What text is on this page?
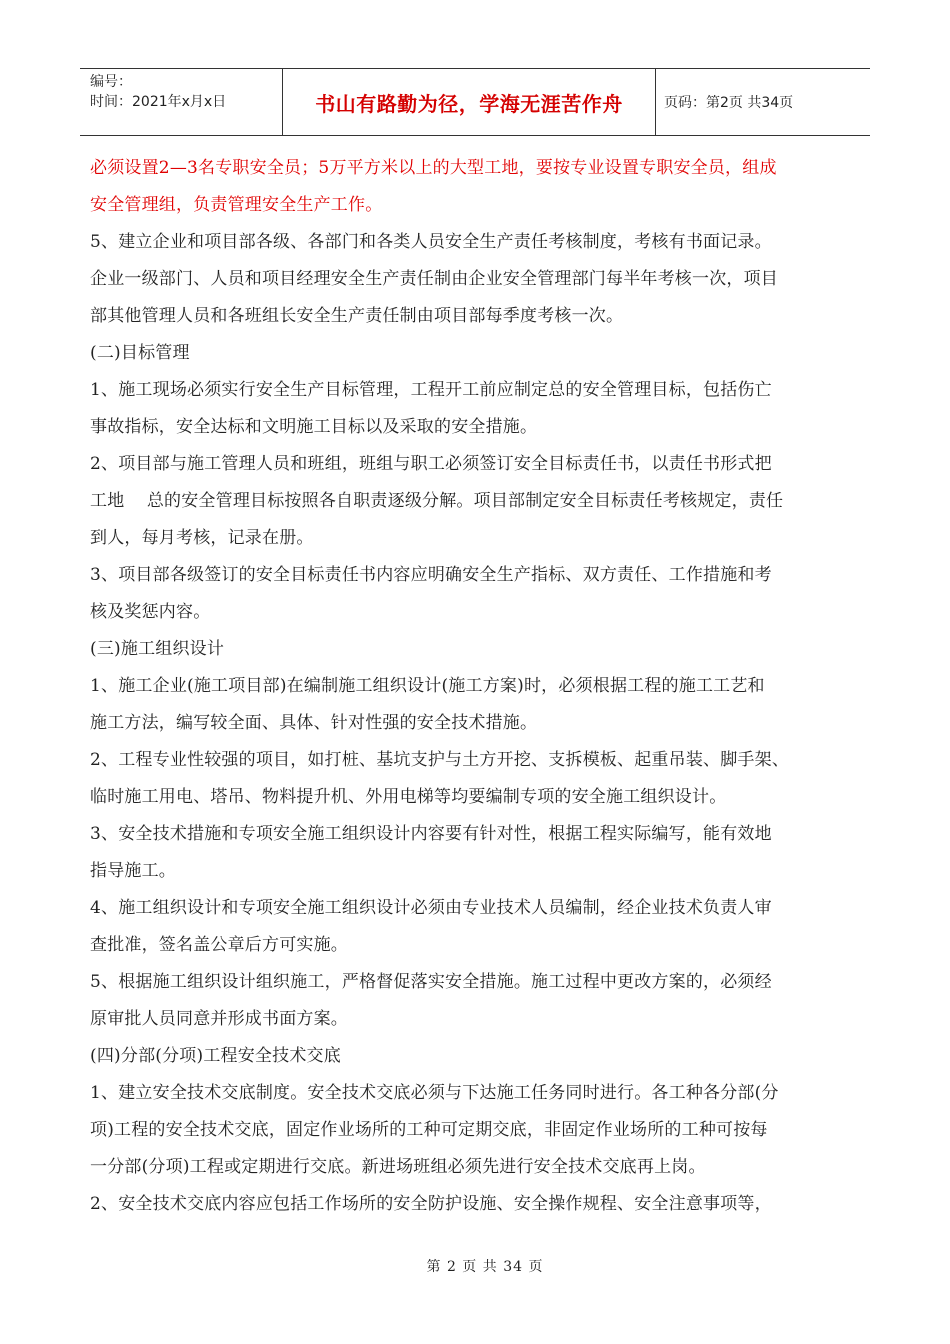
编号：
时间：2021年x月x日	书山有路勤为径，学海无涯苦作舟	页码：第2页 共34页
必须设置2—3名专职安全员；5万平方米以上的大型工地，要按专业设置专职安全员，组成
安全管理组，负责管理安全生产工作。
5、建立企业和项目部各级、各部门和各类人员安全生产责任考核制度，考核有书面记录。
企业一级部门、人员和项目经理安全生产责任制由企业安全管理部门每半年考核一次，项目
部其他管理人员和各班组长安全生产责任制由项目部每季度考核一次。
(二)目标管理
1、施工现场必须实行安全生产目标管理，工程开工前应制定总的安全管理目标，包括伤亡
事故指标，安全达标和文明施工目标以及采取的安全措施。
2、项目部与施工管理人员和班组，班组与职工必须签订安全目标责任书，以责任书形式把
工地    总的安全管理目标按照各自职责逐级分解。项目部制定安全目标责任考核规定，责任
到人，每月考核，记录在册。
3、项目部各级签订的安全目标责任书内容应明确安全生产指标、双方责任、工作措施和考
核及奖惩内容。
(三)施工组织设计
1、施工企业(施工项目部)在编制施工组织设计(施工方案)时，必须根据工程的施工工艺和
施工方法，编写较全面、具体、针对性强的安全技术措施。
2、工程专业性较强的项目，如打桩、基坑支护与土方开挖、支拆模板、起重吊装、脚手架、
临时施工用电、塔吊、物料提升机、外用电梯等均要编制专项的安全施工组织设计。
3、安全技术措施和专项安全施工组织设计内容要有针对性，根据工程实际编写，能有效地
指导施工。
4、施工组织设计和专项安全施工组织设计必须由专业技术人员编制，经企业技术负责人审
查批准，签名盖公章后方可实施。
5、根据施工组织设计组织施工，严格督促落实安全措施。施工过程中更改方案的，必须经
原审批人员同意并形成书面方案。
(四)分部(分项)工程安全技术交底
1、建立安全技术交底制度。安全技术交底必须与下达施工任务同时进行。各工种各分部(分
项)工程的安全技术交底，固定作业场所的工种可定期交底，非固定作业场所的工种可按每
一分部(分项)工程或定期进行交底。新进场班组必须先进行安全技术交底再上岗。
2、安全技术交底内容应包括工作场所的安全防护设施、安全操作规程、安全注意事项等，
第 2 页 共 34 页
